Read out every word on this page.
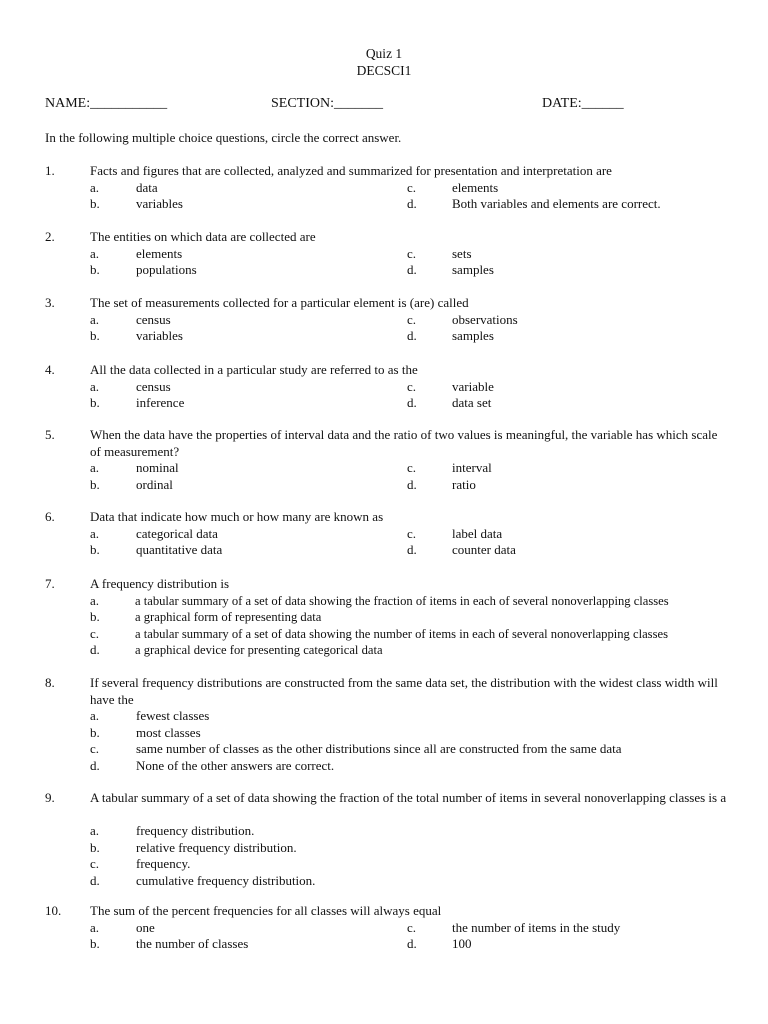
Quiz 1
DECSCI1
NAME:___________	SECTION:_______	DATE:______
In the following multiple choice questions, circle the correct answer.
1.	Facts and figures that are collected, analyzed and summarized for presentation and interpretation are
a.	data	c.	elements
b.	variables	d.	Both variables and elements are correct.
2.	The entities on which data are collected are
a.	elements	c.	sets
b.	populations	d.	samples
3.	The set of measurements collected for a particular element is (are) called
a.	census	c.	observations
b.	variables	d.	samples
4.	All the data collected in a particular study are referred to as the
a.	census	c.	variable
b.	inference	d.	data set
5.	When the data have the properties of interval data and the ratio of two values is meaningful, the variable has which scale of measurement?
a.	nominal	c.	interval
b.	ordinal	d.	ratio
6.	Data that indicate how much or how many are known as
a.	categorical data	c.	label data
b.	quantitative data	d.	counter data
7.	A frequency distribution is
a.	a tabular summary of a set of data showing the fraction of items in each of several nonoverlapping classes
b.	a graphical form of representing data
c.	a tabular summary of a set of data showing the number of items in each of several nonoverlapping classes
d.	a graphical device for presenting categorical data
8.	If several frequency distributions are constructed from the same data set, the distribution with the widest class width will have the
a.	fewest classes
b.	most classes
c.	same number of classes as the other distributions since all are constructed from the same data
d.	None of the other answers are correct.
9.	A tabular summary of a set of data showing the fraction of the total number of items in several nonoverlapping classes is a
a.	frequency distribution.
b.	relative frequency distribution.
c.	frequency.
d.	cumulative frequency distribution.
10. The sum of the percent frequencies for all classes will always equal
a.	one	c.	the number of items in the study
b.	the number of classes	d.	100
